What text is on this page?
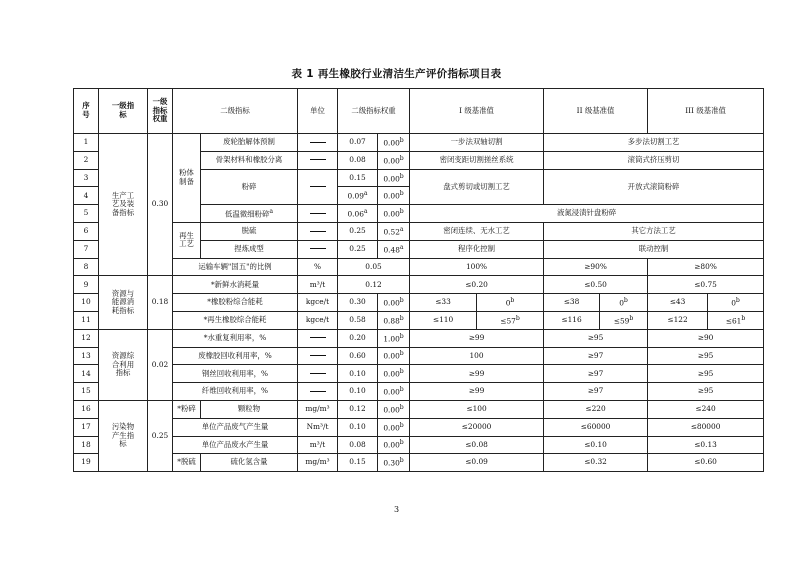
表 1 再生橡胶行业清洁生产评价指标项目表
序
号	一级指
标	一级
指标
权重	二级指标		单位	二级指标权重		I 级基准值		II 级基准值		III 级基准值	
1	生产工
艺及装
备指标	0.30	粉体
制备	废轮胎解体预制		0.07	0.00$^b$	一步法双轴切割		多步法切割工艺			
2				骨架材料和橡胶分离		0.08	0.00$^b$	密闭变距切割搓丝系统		滚筒式挤压剪切			
3				粉碎		0.15	0.00$^b$	盘式剪切或切割工艺		开放式滚筒粉碎			
4						0.09$^a$	0.00$^b$
5				低温微细粉碎$^a$		0.06$^a$	0.00$^b$	液氮浸渍针盘粉碎					
6			再生
工艺	脱硫		0.25	0.52$^a$	密闭连续、无水工艺		其它方法工艺			
7				捏炼成型		0.25	0.48$^a$	程序化控制		联动控制			
8			运输车辆"国五"的比例		%	0.05		100%		≥90%		≥80%	
9	资源与
能源消
耗指标	0.18	*新鲜水消耗量		m³/t	0.12		≤0.20		≤0.50		≤0.75	
10			*橡胶粉综合能耗		kgce/t	0.30	0.00$^b$	≤33	$0^b$	≤38	$0^b$	≤43	0$^b$
11			*再生橡胶综合能耗		kgce/t	0.58	0.88$^b$	≤110	$\le 57^b$	≤116	$\le 59^b$	≤122	$\le 61^b$
12	资源综
合利用
指标	0.02	*水重复利用率，%			0.20	1.00$^b$	≥99		≥95		≥90	
13			废橡胶回收利用率，%			0.60	0.00$^b$	100		≥97		≥95	
14			钢丝回收利用率，%			0.10	0.00$^b$	≥99		≥97		≥95	
15			纤维回收利用率，%			0.10	0.00$^b$	≥99		≥97		≥95	
16	污染物
产生指
标	0.25	*粉碎	颗粒物	mg/m³	0.12	0.00$^b$	≤100		≤220		≤240	
17			单位产品废气产生量		Nm³/t	0.10	0.00$^b$	≤20000		≤60000		≤80000	
18			单位产品废水产生量		m³/t	0.08	0.00$^b$	≤0.08		≤0.10		≤0.13	
19			*脱硫	硫化氢含量	mg/m³	0.15	0.30$^b$	≤0.09		≤0.32		≤0.60	
3
